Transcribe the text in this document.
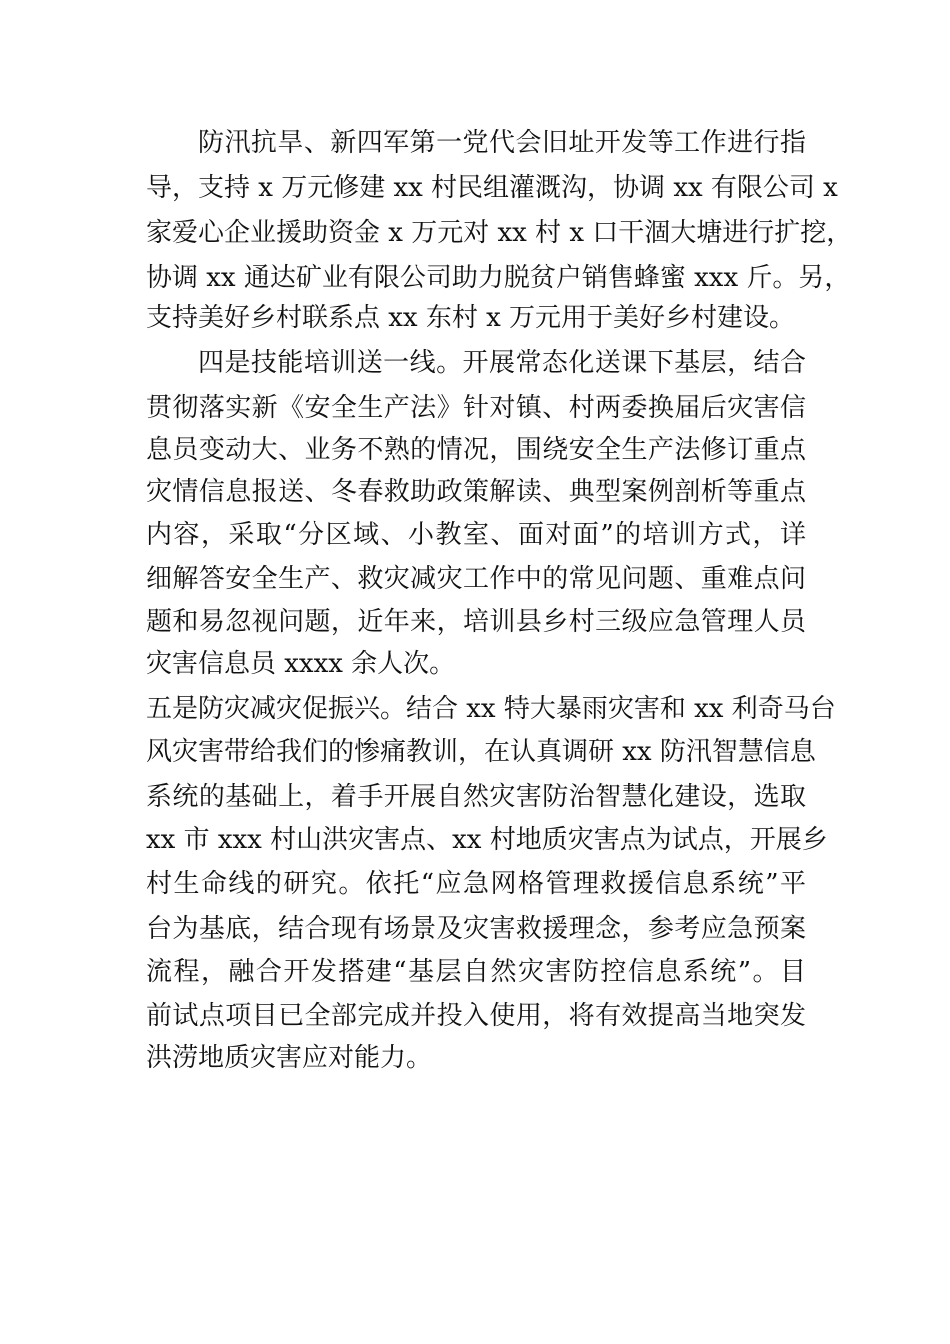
防汛抗旱、新四军第一党代会旧址开发等工作进行指
导，支持 x 万元修建 xx 村民组灌溉沟，协调 xx 有限公司 x
家爱心企业援助资金 x 万元对 xx 村 x 口干涸大塘进行扩挖，
协调 xx 通达矿业有限公司助力脱贫户销售蜂蜜 xxx 斤。另，
支持美好乡村联系点 xx 东村 x 万元用于美好乡村建设。
四是技能培训送一线。开展常态化送课下基层，结合
贯彻落实新《安全生产法》针对镇、村两委换届后灾害信
息员变动大、业务不熟的情况，围绕安全生产法修订重点
灾情信息报送、冬春救助政策解读、典型案例剖析等重点
内容，采取“分区域、小教室、面对面”的培训方式，详
细解答安全生产、救灾减灾工作中的常见问题、重难点问
题和易忽视问题，近年来，培训县乡村三级应急管理人员
灾害信息员 xxxx 余人次。
五是防灾减灾促振兴。结合 xx 特大暴雨灾害和 xx 利奇马台
风灾害带给我们的惨痛教训，在认真调研 xx 防汛智慧信息
系统的基础上，着手开展自然灾害防治智慧化建设，选取
xx 市 xxx 村山洪灾害点、xx 村地质灾害点为试点，开展乡
村生命线的研究。依托“应急网格管理救援信息系统”平
台为基底，结合现有场景及灾害救援理念，参考应急预案
流程，融合开发搭建“基层自然灾害防控信息系统”。目
前试点项目已全部完成并投入使用，将有效提高当地突发
洪涝地质灾害应对能力。
